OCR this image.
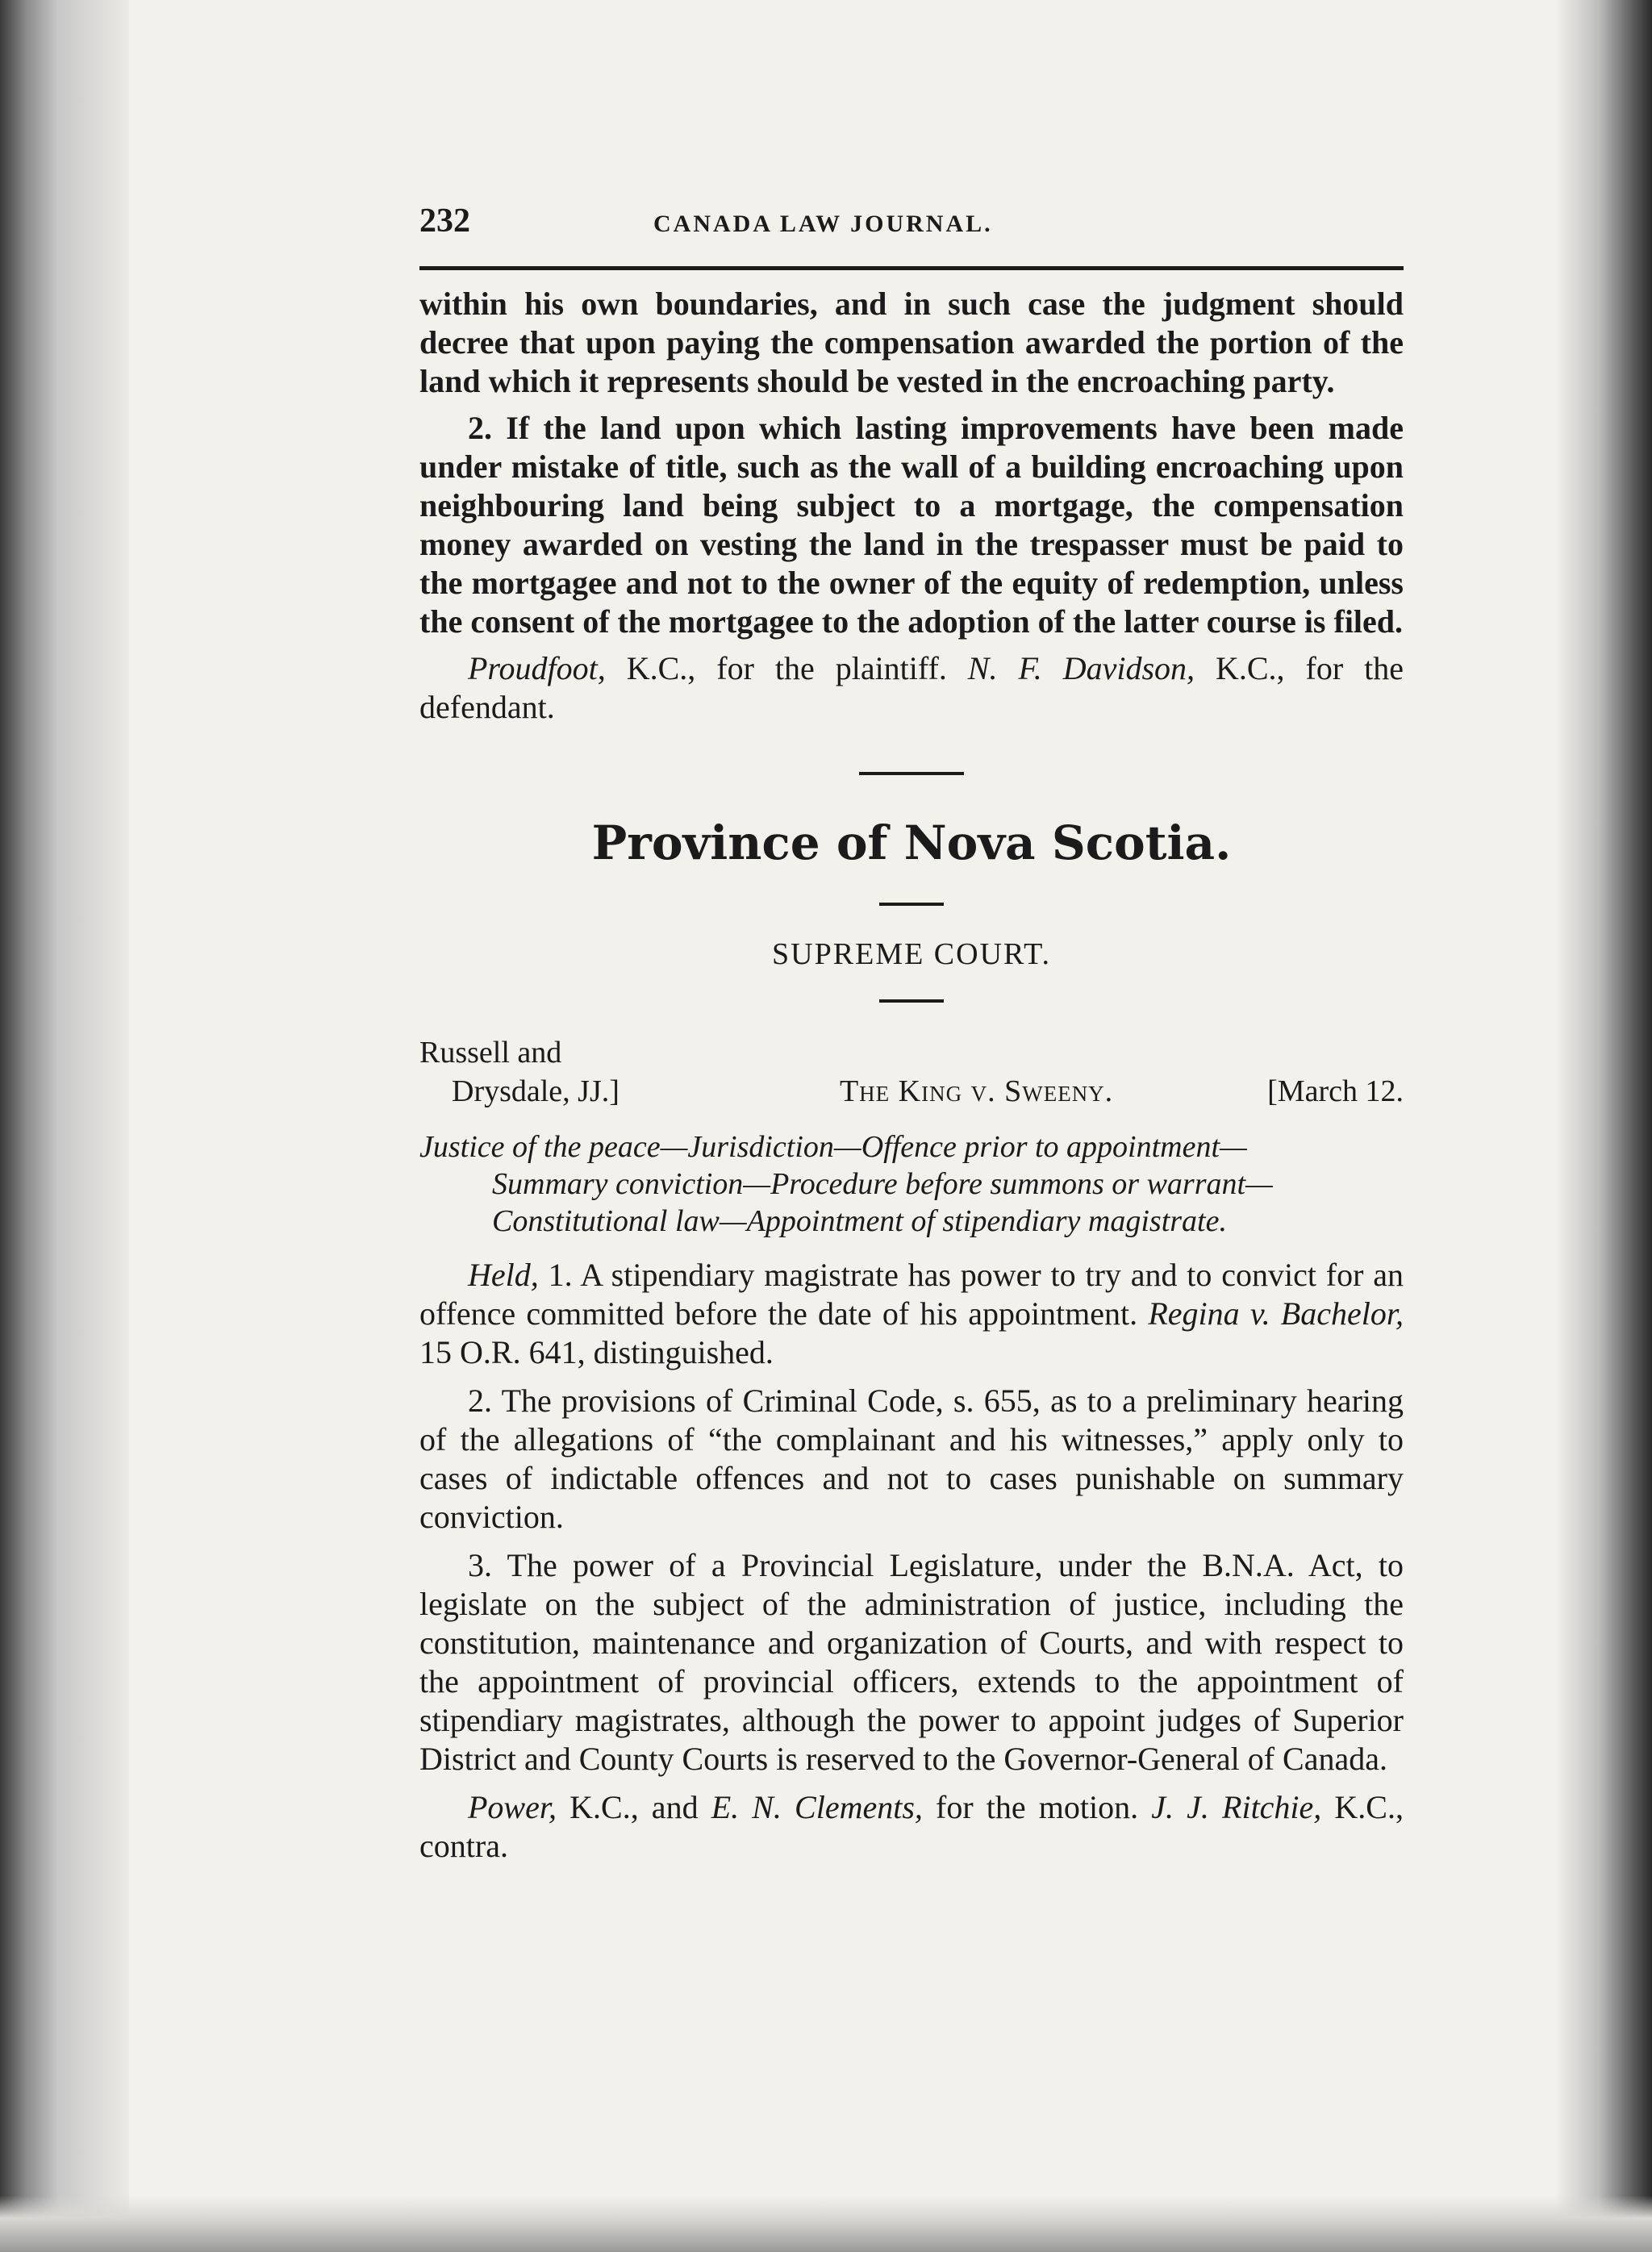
232	CANADA LAW JOURNAL.

within his own boundaries, and in such case the judgment should decree that upon paying the compensation awarded the portion of the land which it represents should be vested in the encroaching party.

2. If the land upon which lasting improvements have been made under mistake of title, such as the wall of a building encroaching upon neighbouring land being subject to a mortgage, the compensation money awarded on vesting the land in the trespasser must be paid to the mortgagee and not to the owner of the equity of redemption, unless the consent of the mortgagee to the adoption of the latter course is filed.

Proudfoot, K.C., for the plaintiff. N. F. Davidson, K.C., for the defendant.

Province of Nova Scotia.
SUPREME COURT.
Russell and
Drysdale, JJ.]	The King v. Sweeny.	[March 12.
Justice of the peace—Jurisdiction—Offence prior to appointment—
Summary conviction—Procedure before summons or warrant—
Constitutional law—Appointment of stipendiary magistrate.

Held, 1. A stipendiary magistrate has power to try and to convict for an offence committed before the date of his appointment. Regina v. Bachelor, 15 O.R. 641, distinguished.

2. The provisions of Criminal Code, s. 655, as to a preliminary hearing of the allegations of “the complainant and his witnesses,” apply only to cases of indictable offences and not to cases punishable on summary conviction.

3. The power of a Provincial Legislature, under the B.N.A. Act, to legislate on the subject of the administration of justice, including the constitution, maintenance and organization of Courts, and with respect to the appointment of provincial officers, extends to the appointment of stipendiary magistrates, although the power to appoint judges of Superior District and County Courts is reserved to the Governor-General of Canada.

Power, K.C., and E. N. Clements, for the motion. J. J. Ritchie, K.C., contra.
